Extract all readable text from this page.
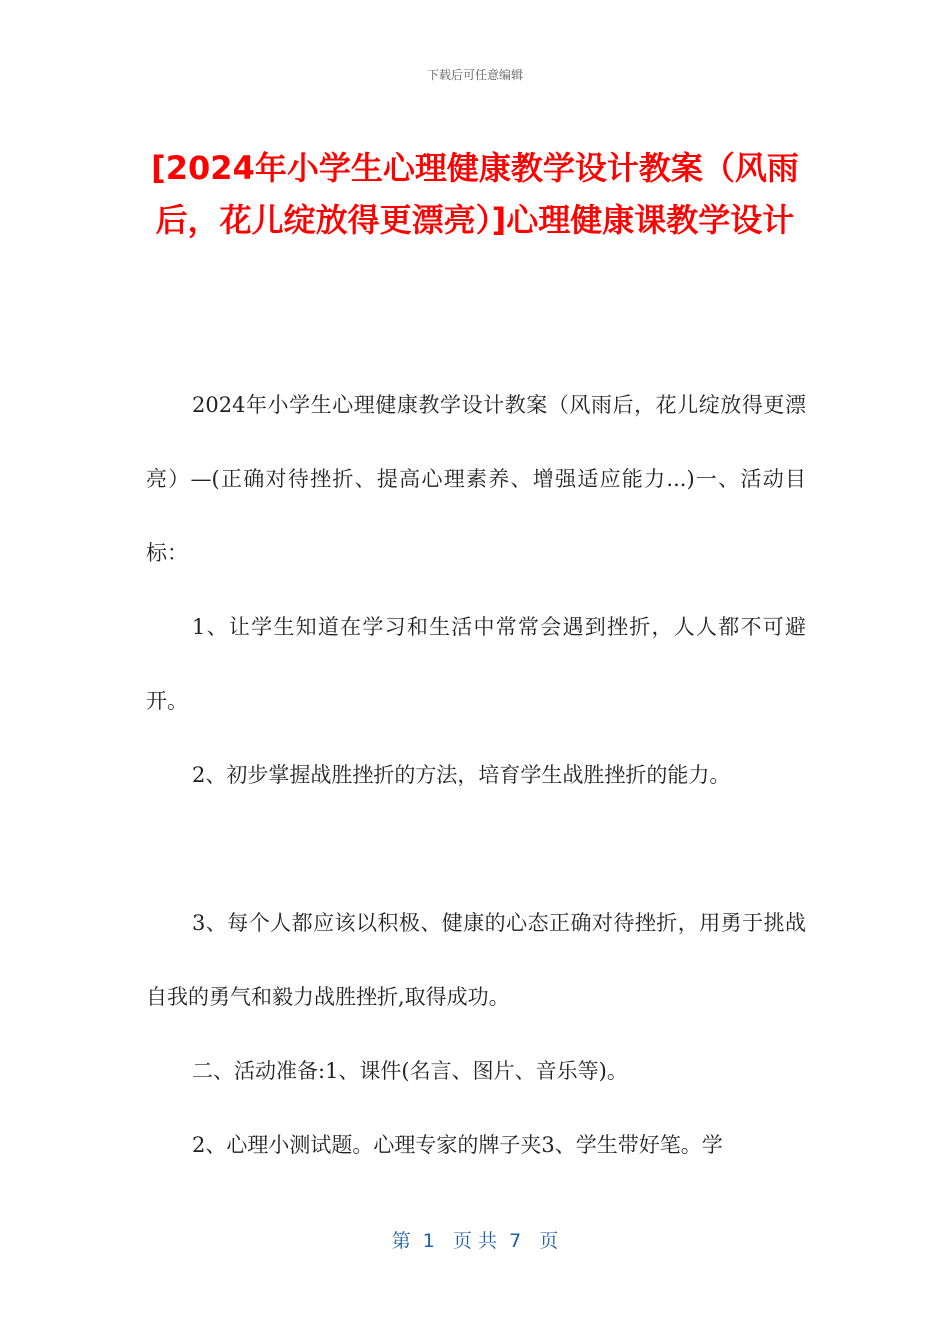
下载后可任意编辑
[2024年小学生心理健康教学设计教案（风雨后，花儿绽放得更漂亮）]心理健康课教学设计

2024年小学生心理健康教学设计教案（风雨后，花儿绽放得更漂亮）—(正确对待挫折、提高心理素养、增强适应能力...)一、活动目标：

1、让学生知道在学习和生活中常常会遇到挫折，人人都不可避开。

2、初步掌握战胜挫折的方法，培育学生战胜挫折的能力。

3、每个人都应该以积极、健康的心态正确对待挫折，用勇于挑战自我的勇气和毅力战胜挫折,取得成功。

二、活动准备:1、课件(名言、图片、音乐等)。

2、心理小测试题。心理专家的牌子夹3、学生带好笔。学

第  1   页 共  7   页
